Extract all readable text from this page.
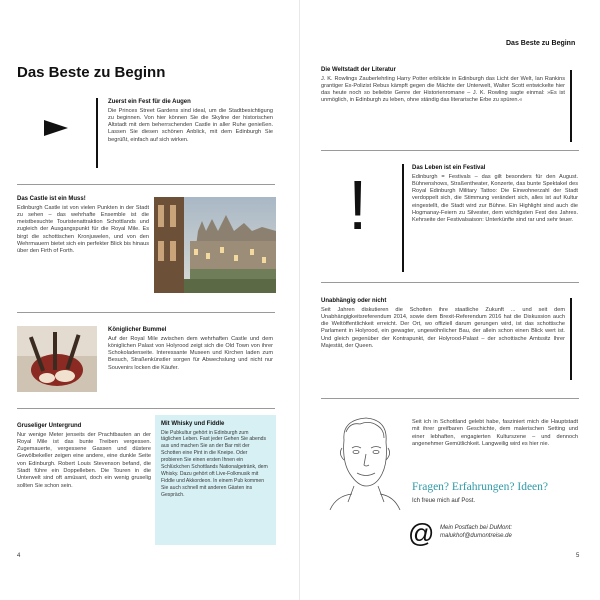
Das Beste zu Beginn

Zuerst ein Fest für die Augen

Die Princes Street Gardens sind ideal, um die Stadtbesichtigung zu beginnen. Von hier können Sie die Skyline der historischen Altstadt mit dem beherrschenden Castle in aller Ruhe genießen. Lassen Sie diesen schönen Anblick, mit dem Edinburgh Sie begrüßt, einfach auf sich wirken.

Das Castle ist ein Muss!

Edinburgh Castle ist von vielen Punkten in der Stadt zu sehen – das wehrhafte Ensemble ist die meistbesuchte Touristenattraktion Schottlands und zugleich der Ausgangspunkt für die Royal Mile. Es birgt die schottischen Kronjuwelen, und von den Wehrmauern bietet sich ein perfekter Blick bis hinaus über den Firth of Forth.

Königlicher Bummel

Auf der Royal Mile zwischen dem wehrhaften Castle und dem königlichen Palast von Holyrood zeigt sich die Old Town von ihrer Schokoladenseite. Interessante Museen und Kirchen laden zum Besuch, Straßenkünstler sorgen für Abwechslung und nicht nur Souvenirs locken die Käufer.

Gruseliger Untergrund

Nur wenige Meter jenseits der Prachtbauten an der Royal Mile ist das bunte Treiben vergessen. Zugemauerte, vergessene Gassen und düstere Gewölbekeller zeigen eine andere, eine dunkle Seite von Edinburgh. Robert Louis Stevenson befand, die Stadt führe ein Doppelleben. Die Touren in die Unterwelt sind oft amüsant, doch ein wenig gruselig sollten Sie schon sein.

Mit Whisky und Fiddle

Die Pubkultur gehört in Edinburgh zum täglichen Leben. Fast jeder Gehen Sie abends aus und machen Sie an der Bar mit der Schotten eine Pint in die Kneipe. Oder probieren Sie einen ersten Ihnen ein Schlückchen Schottlands Nationalgetränk, dem Whisky. Dazu gehört oft Live-Folkmusik mit Fiddle und Akkordeon. In einem Pub kommen Sie auch schnell mit anderen Gästen ins Gespräch.

4
Das Beste zu Beginn

Die Weltstadt der Literatur

J. K. Rowlings Zauberlehrling Harry Potter erblickte in Edinburgh das Licht der Welt, Ian Rankins grantiger Ex-Polizist Rebus kämpft gegen die Mächte der Unterwelt, Walter Scott entwickelte hier das heute noch so beliebte Genre der Historienromane – J. K. Rowling sagte einmal: »Es ist unmöglich, in Edinburgh zu leben, ohne ständig das literarische Erbe zu spüren.«

!	Das Leben ist ein Festival

Edinburgh = Festivals – das gilt besonders für den August. Bühnenshows, Straßentheater, Konzerte, das bunte Spektakel des Royal Edinburgh Military Tattoo: Die Einwohnerzahl der Stadt verdoppelt sich, die Stimmung verändert sich, alles ist auf Kultur eingestellt, die Stadt wird zur Bühne. Ein Highlight sind auch die Hogmanay-Feiern zu Silvester, dem wichtigsten Fest des Jahres. Kehrseite der Festivalsaison: Unterkünfte sind rar und sehr teuer.

Unabhängig oder nicht

Seit Jahren diskutieren die Schotten ihre staatliche Zukunft ... und seit dem Unabhängigkeitsreferendum 2014, sowie dem Brexit-Referendum 2016 hat die Diskussion auch die Weltöffentlichkeit erreicht. Der Ort, wo offiziell darum gerungen wird, ist das schottische Parlament in Holyrood, ein gewagter, ungewöhnlicher Bau, der allein schon einen Blick wert ist. Und gleich gegenüber der Kontrapunkt, der Holyrood-Palast – der schottische Amtssitz Ihrer Majestät, der Queen.

Seit ich in Schottland gelebt habe, fasziniert mich die Hauptstadt mit ihrer greifbaren Geschichte, dem malerischen Setting und einer lebhaften, engagierten Kulturszene – und dennoch angenehmer Gemütlichkeit. Langweilig wird es hier nie.

Fragen? Erfahrungen? Ideen?
Ich freue mich auf Post.
@ Mein Postfach bei DuMont:
malukhof@dumontreise.de
5
